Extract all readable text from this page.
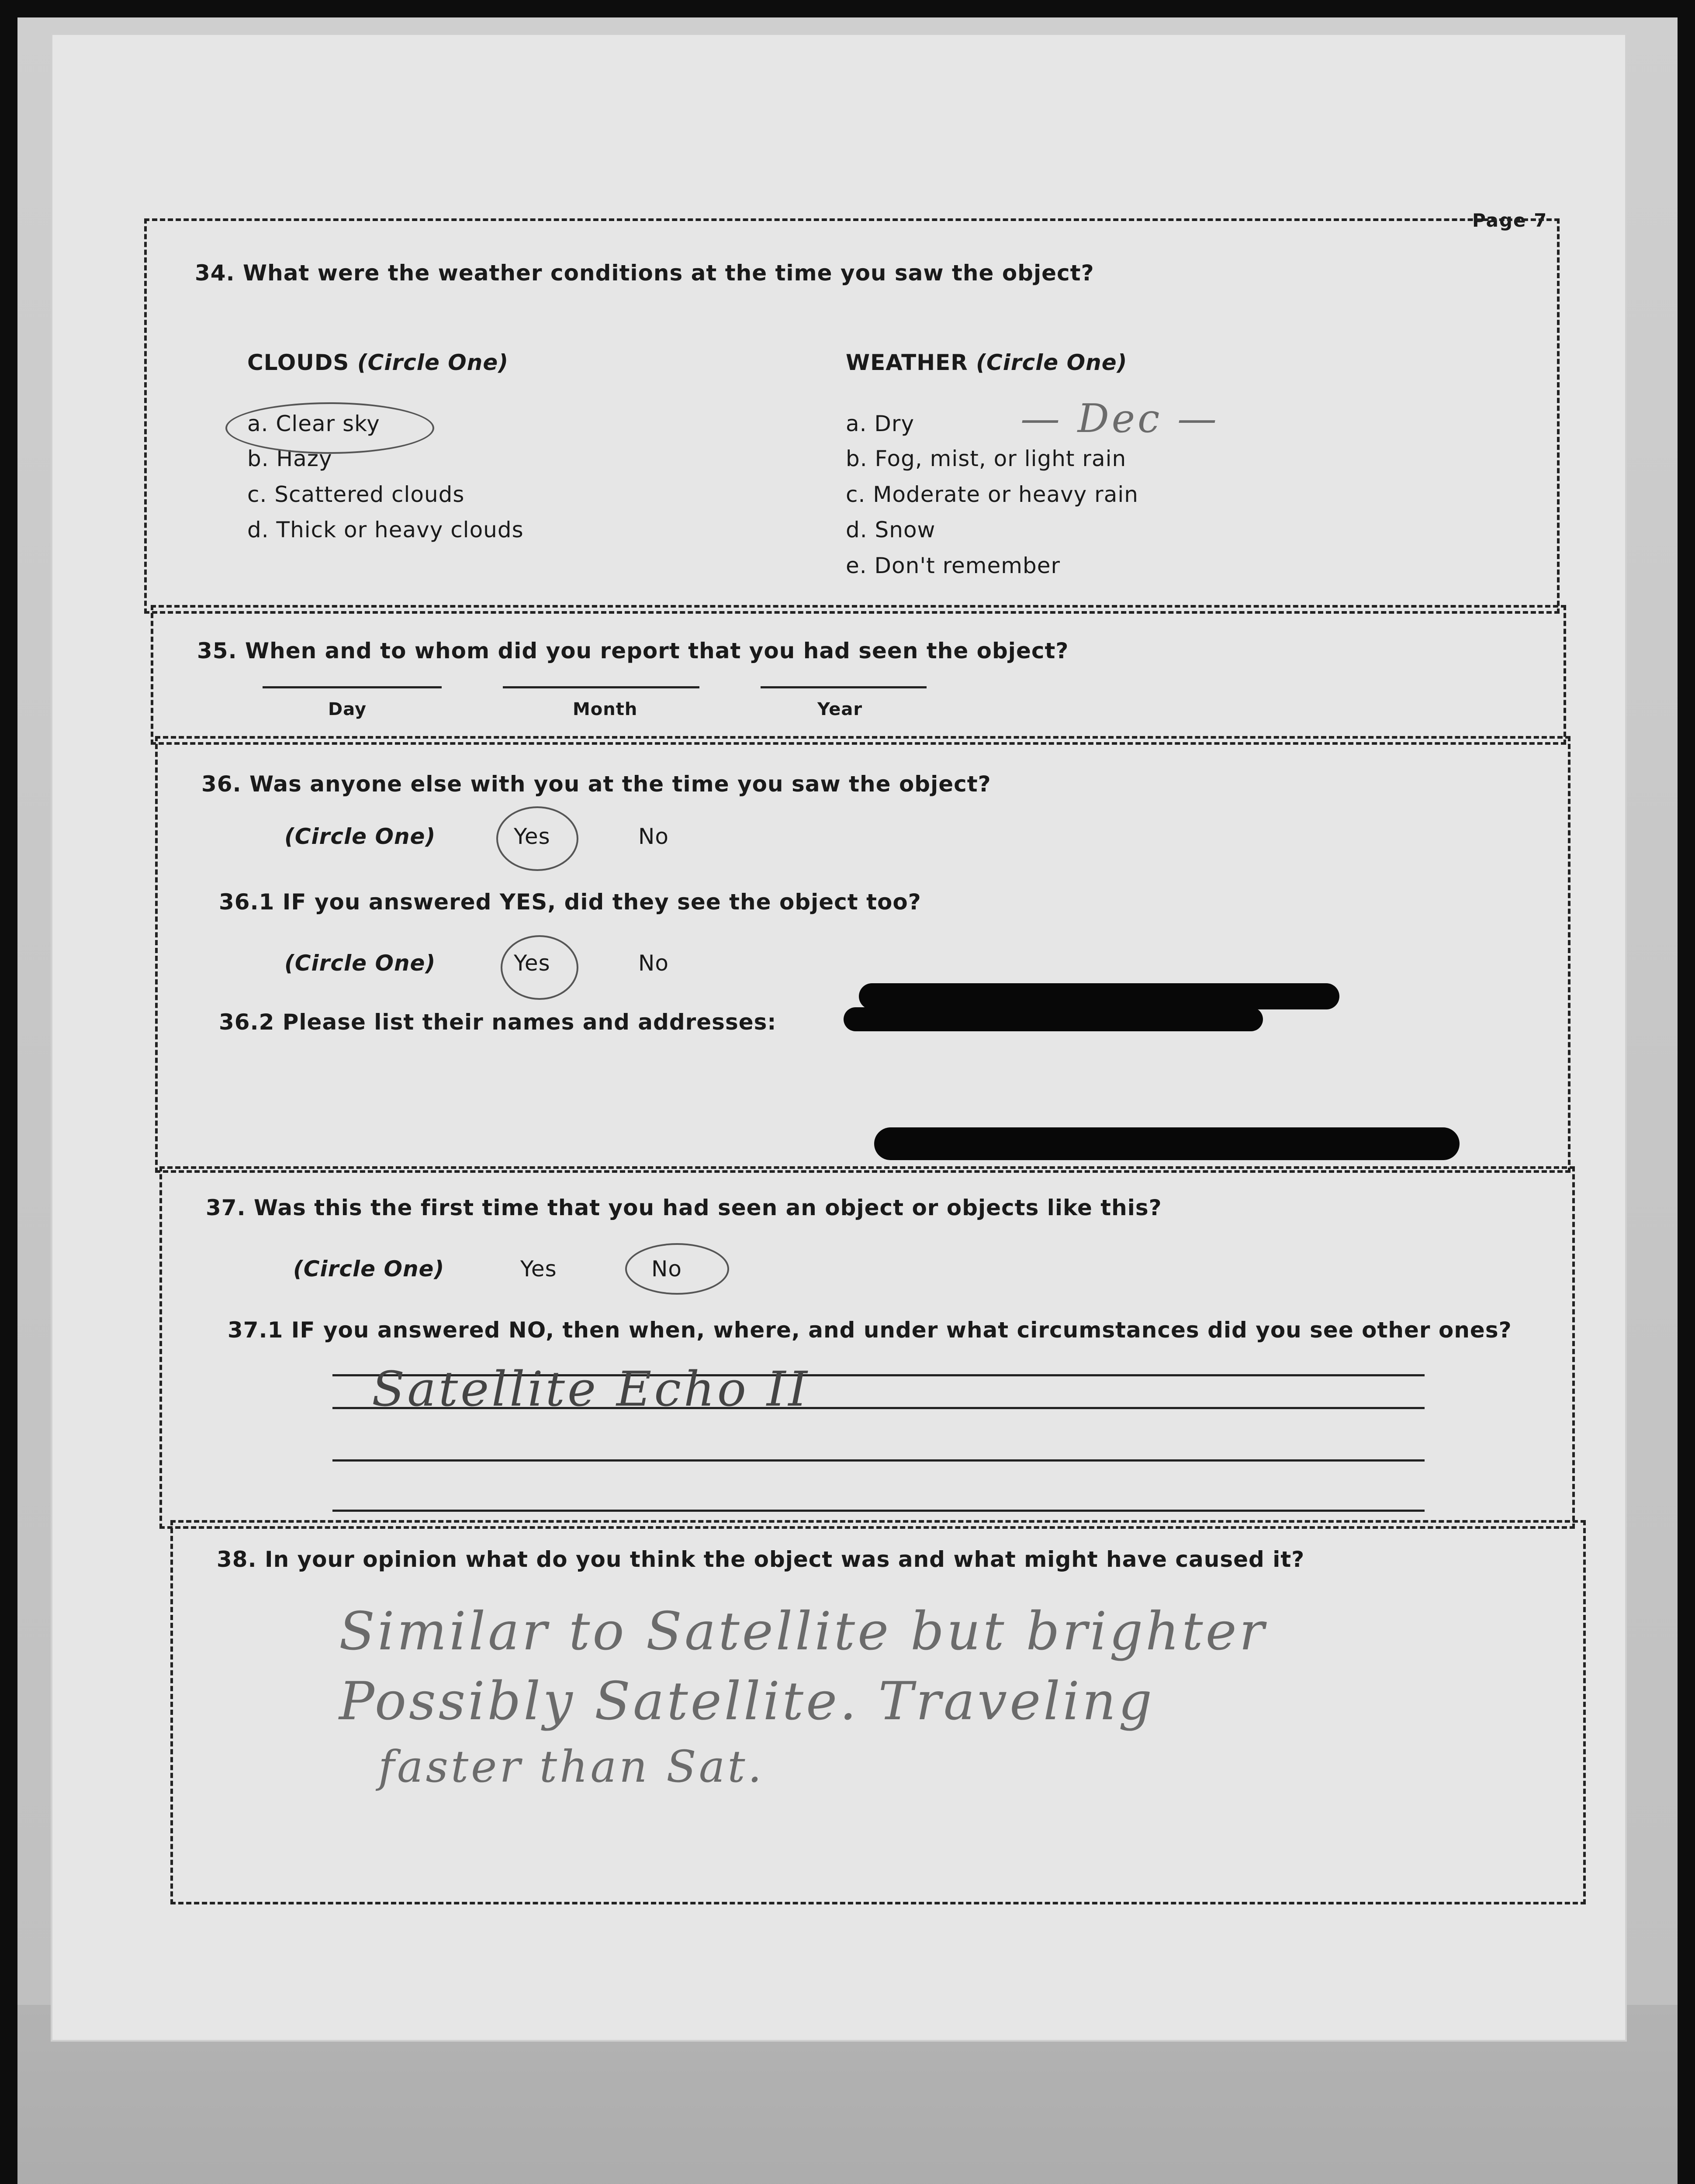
Page 7
34. What were the weather conditions at the time you saw the object?
CLOUDS (Circle One)
a. Clear sky
b. Hazy
c. Scattered clouds
d. Thick or heavy clouds
WEATHER (Circle One)
a. Dry
b. Fog, mist, or light rain
c. Moderate or heavy rain
d. Snow
e. Don't remember
— Dec —
35. When and to whom did you report that you had seen the object?
Day	Month	Year
36. Was anyone else with you at the time you saw the object?
(Circle One)	Yes	No
36.1 IF you answered YES, did they see the object too?
(Circle One)	Yes	No
36.2 Please list their names and addresses:
37. Was this the first time that you had seen an object or objects like this?
(Circle One)	Yes	No
37.1 IF you answered NO, then when, where, and under what circumstances did you see other ones?
Satellite Echo II
38. In your opinion what do you think the object was and what might have caused it?
Similar to Satellite but brighter
Possibly Satellite. Traveling
faster than Sat.
